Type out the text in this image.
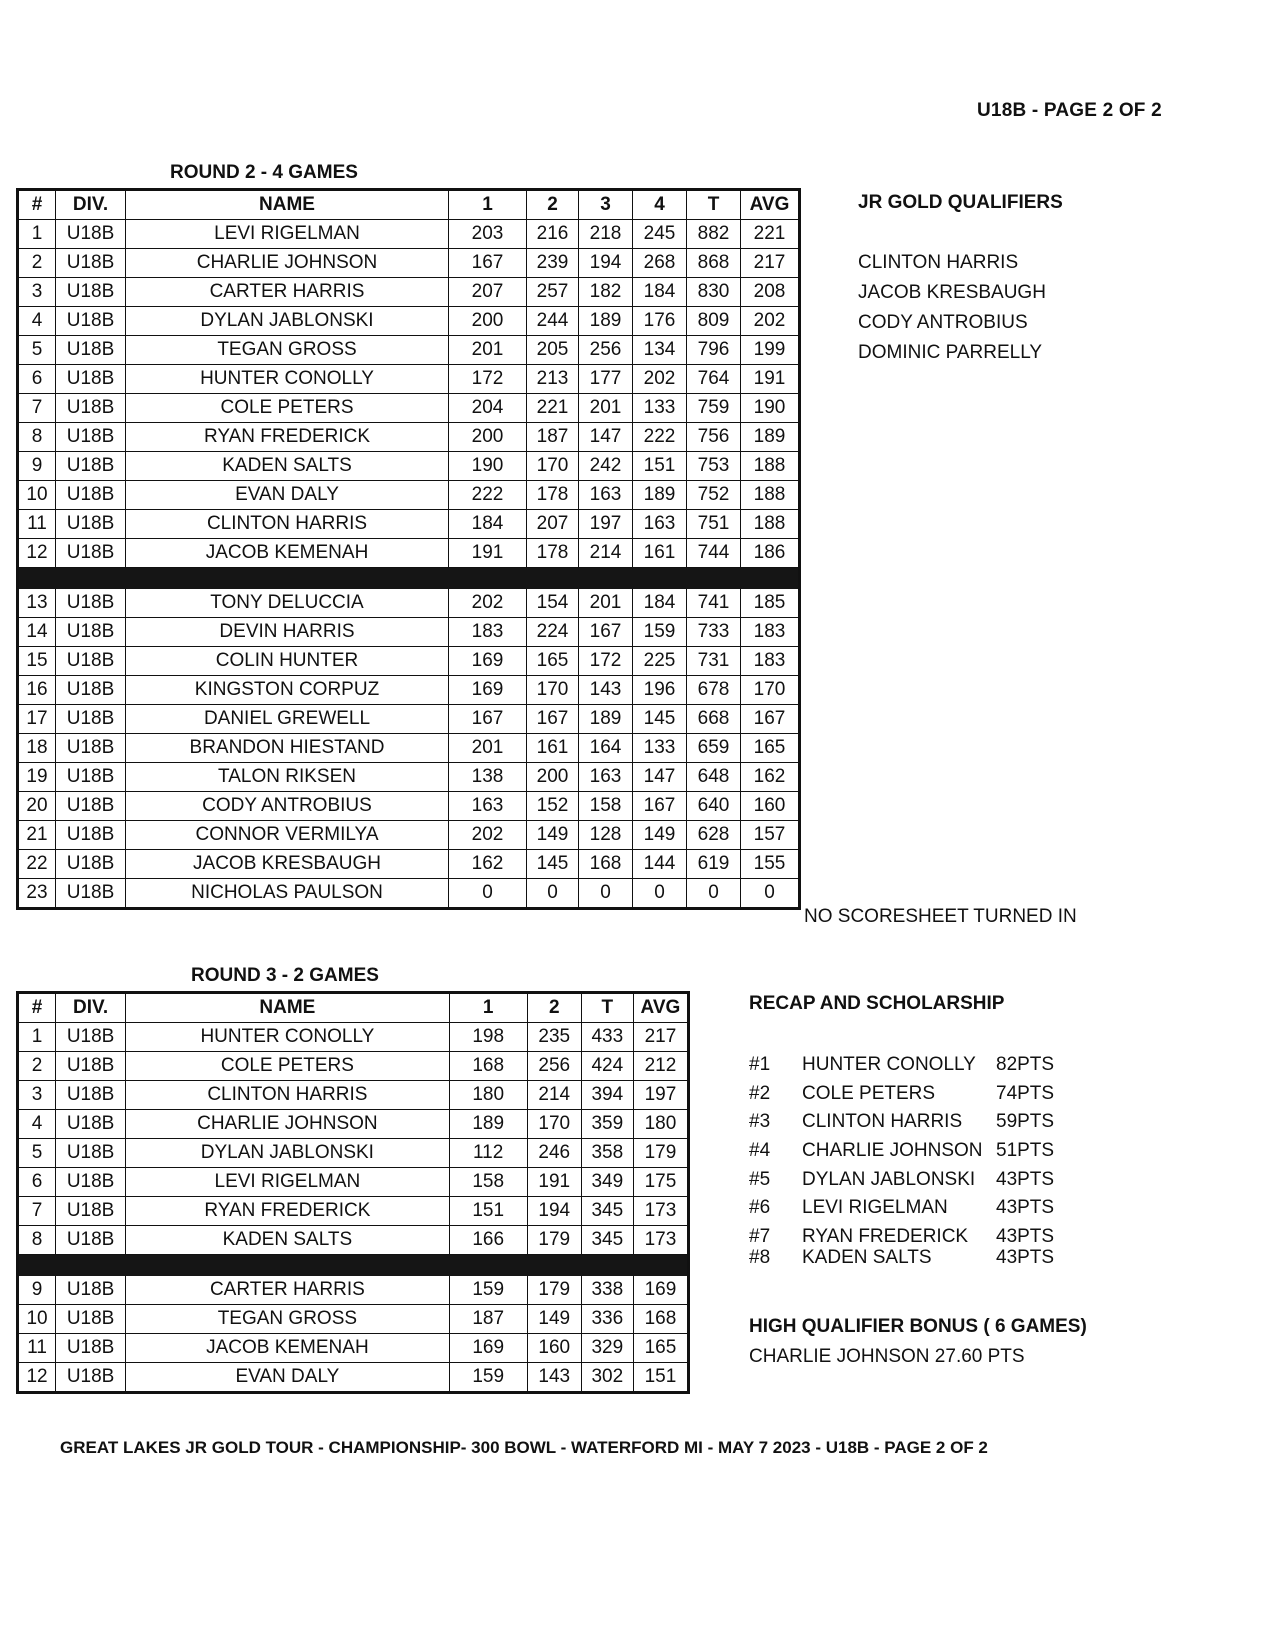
U18B - PAGE 2 OF 2
ROUND 2 - 4 GAMES
#	DIV.	NAME	1	2	3	4	T	AVG
1	U18B	LEVI RIGELMAN	203	216	218	245	882	221
2	U18B	CHARLIE JOHNSON	167	239	194	268	868	217
3	U18B	CARTER HARRIS	207	257	182	184	830	208
4	U18B	DYLAN JABLONSKI	200	244	189	176	809	202
5	U18B	TEGAN GROSS	201	205	256	134	796	199
6	U18B	HUNTER CONOLLY	172	213	177	202	764	191
7	U18B	COLE PETERS	204	221	201	133	759	190
8	U18B	RYAN FREDERICK	200	187	147	222	756	189
9	U18B	KADEN SALTS	190	170	242	151	753	188
10	U18B	EVAN DALY	222	178	163	189	752	188
11	U18B	CLINTON HARRIS	184	207	197	163	751	188
12	U18B	JACOB KEMENAH	191	178	214	161	744	186

13	U18B	TONY DELUCCIA	202	154	201	184	741	185
14	U18B	DEVIN HARRIS	183	224	167	159	733	183
15	U18B	COLIN HUNTER	169	165	172	225	731	183
16	U18B	KINGSTON CORPUZ	169	170	143	196	678	170
17	U18B	DANIEL GREWELL	167	167	189	145	668	167
18	U18B	BRANDON HIESTAND	201	161	164	133	659	165
19	U18B	TALON RIKSEN	138	200	163	147	648	162
20	U18B	CODY ANTROBIUS	163	152	158	167	640	160
21	U18B	CONNOR VERMILYA	202	149	128	149	628	157
22	U18B	JACOB KRESBAUGH	162	145	168	144	619	155
23	U18B	NICHOLAS PAULSON	0	0	0	0	0	0
NO SCORESHEET TURNED IN
JR GOLD QUALIFIERS
CLINTON HARRIS
JACOB KRESBAUGH
CODY ANTROBIUS
DOMINIC PARRELLY
ROUND 3 - 2 GAMES
#	DIV.	NAME	1	2	T	AVG
1	U18B	HUNTER CONOLLY	198	235	433	217
2	U18B	COLE PETERS	168	256	424	212
3	U18B	CLINTON HARRIS	180	214	394	197
4	U18B	CHARLIE JOHNSON	189	170	359	180
5	U18B	DYLAN JABLONSKI	112	246	358	179
6	U18B	LEVI RIGELMAN	158	191	349	175
7	U18B	RYAN FREDERICK	151	194	345	173
8	U18B	KADEN SALTS	166	179	345	173

9	U18B	CARTER HARRIS	159	179	338	169
10	U18B	TEGAN GROSS	187	149	336	168
11	U18B	JACOB KEMENAH	169	160	329	165
12	U18B	EVAN DALY	159	143	302	151
RECAP AND SCHOLARSHIP
#1 HUNTER CONOLLY 82PTS
#2 COLE PETERS	74PTS
#3 CLINTON HARRIS 59PTS
#4 CHARLIE JOHNSON 51PTS
#5 DYLAN JABLONSKI 43PTS
#6 LEVI RIGELMAN	43PTS
#7 RYAN FREDERICK 43PTS
#8 KADEN SALTS	43PTS
HIGH QUALIFIER BONUS ( 6 GAMES)
CHARLIE JOHNSON 27.60 PTS
GREAT LAKES JR GOLD TOUR - CHAMPIONSHIP- 300 BOWL - WATERFORD MI - MAY 7 2023 - U18B - PAGE 2 OF 2
